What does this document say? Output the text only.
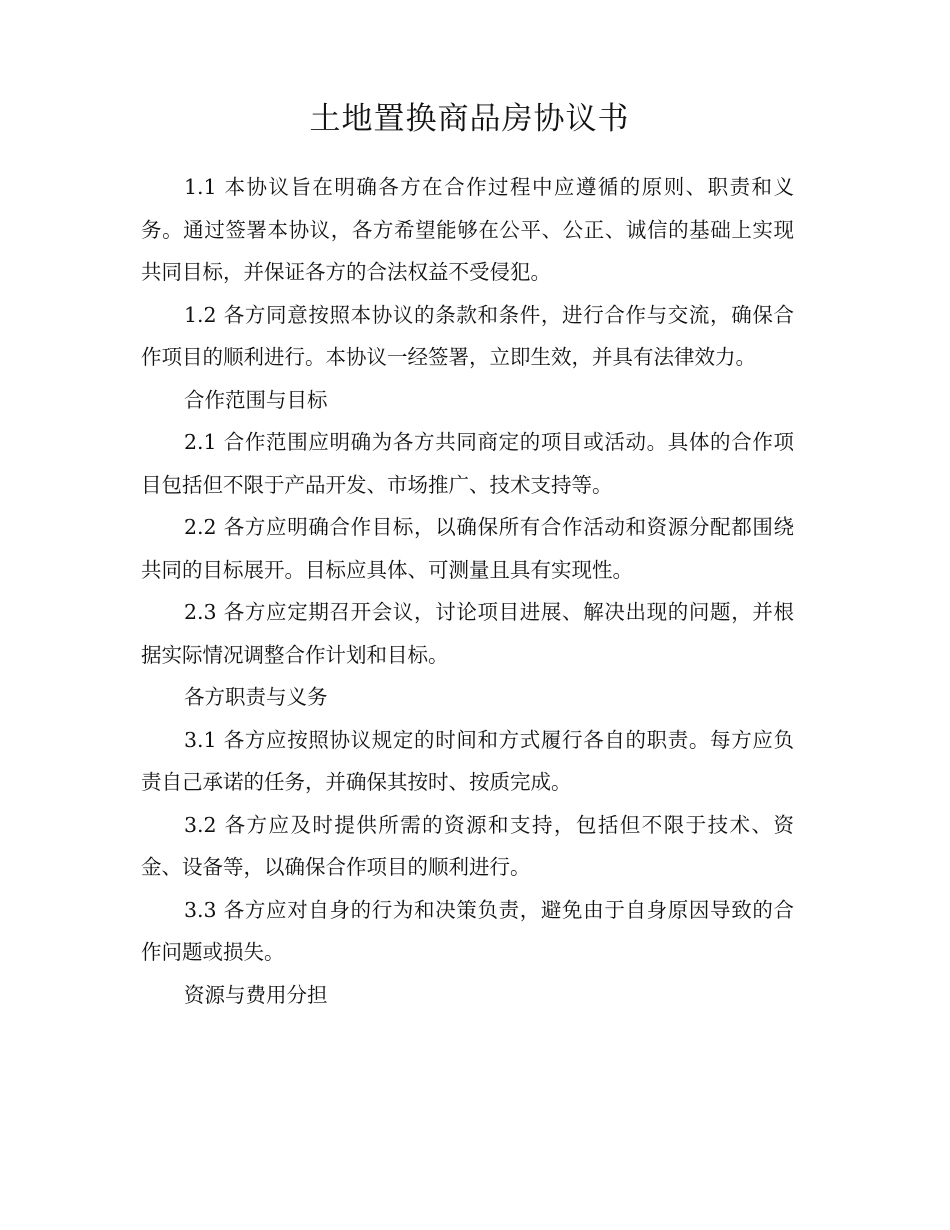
土地置换商品房协议书

1.1 本协议旨在明确各方在合作过程中应遵循的原则、职责和义务。通过签署本协议，各方希望能够在公平、公正、诚信的基础上实现共同目标，并保证各方的合法权益不受侵犯。

1.2 各方同意按照本协议的条款和条件，进行合作与交流，确保合作项目的顺利进行。本协议一经签署，立即生效，并具有法律效力。

合作范围与目标

2.1 合作范围应明确为各方共同商定的项目或活动。具体的合作项目包括但不限于产品开发、市场推广、技术支持等。

2.2 各方应明确合作目标，以确保所有合作活动和资源分配都围绕共同的目标展开。目标应具体、可测量且具有实现性。

2.3 各方应定期召开会议，讨论项目进展、解决出现的问题，并根据实际情况调整合作计划和目标。

各方职责与义务

3.1 各方应按照协议规定的时间和方式履行各自的职责。每方应负责自己承诺的任务，并确保其按时、按质完成。

3.2 各方应及时提供所需的资源和支持，包括但不限于技术、资金、设备等，以确保合作项目的顺利进行。

3.3 各方应对自身的行为和决策负责，避免由于自身原因导致的合作问题或损失。

资源与费用分担
